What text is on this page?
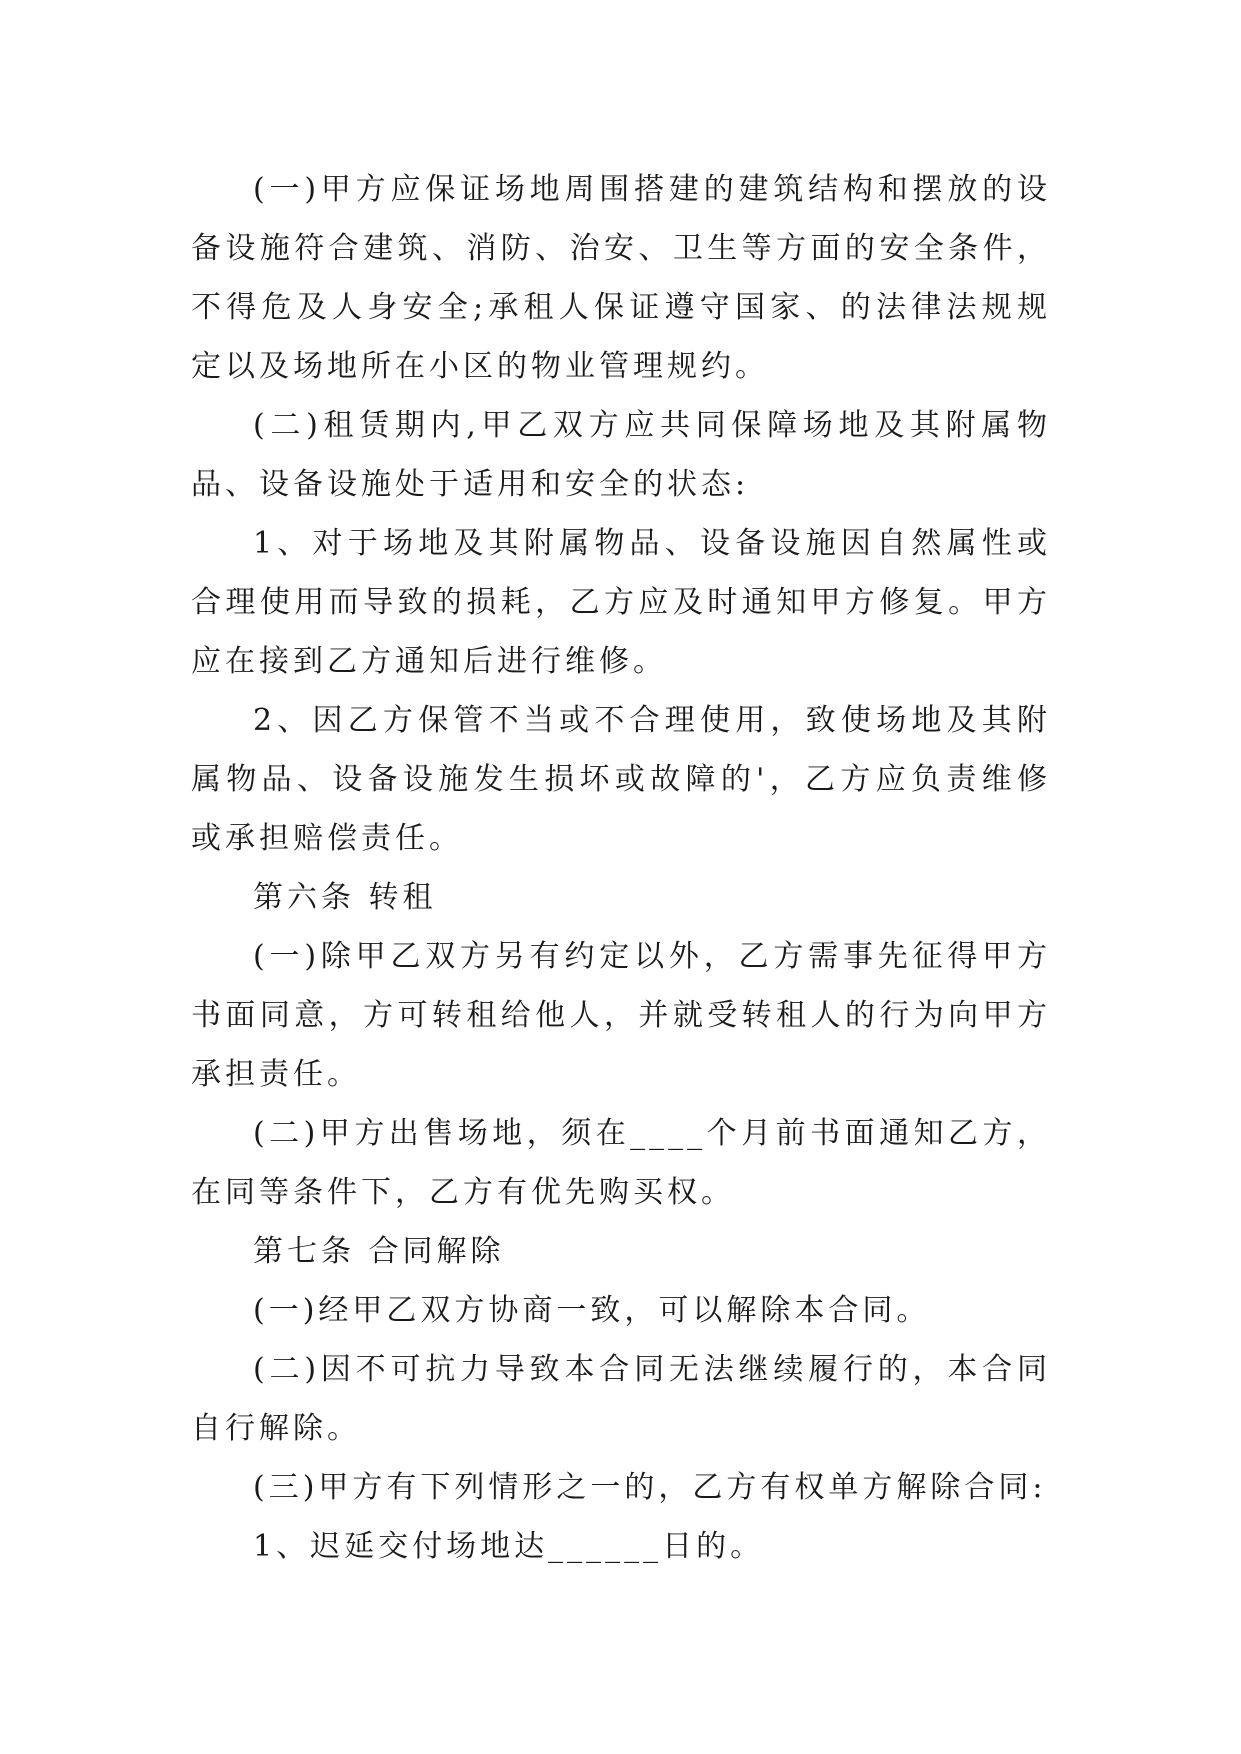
(一)甲方应保证场地周围搭建的建筑结构和摆放的设备设施符合建筑、消防、治安、卫生等方面的安全条件，不得危及人身安全;承租人保证遵守国家、的法律法规规定以及场地所在小区的物业管理规约。

(二)租赁期内,甲乙双方应共同保障场地及其附属物品、设备设施处于适用和安全的状态:

1、对于场地及其附属物品、设备设施因自然属性或合理使用而导致的损耗，乙方应及时通知甲方修复。甲方应在接到乙方通知后进行维修。

2、因乙方保管不当或不合理使用，致使场地及其附属物品、设备设施发生损坏或故障的'，乙方应负责维修或承担赔偿责任。

第六条 转租

(一)除甲乙双方另有约定以外，乙方需事先征得甲方书面同意，方可转租给他人，并就受转租人的行为向甲方承担责任。

(二)甲方出售场地，须在____个月前书面通知乙方，在同等条件下，乙方有优先购买权。

第七条 合同解除

(一)经甲乙双方协商一致，可以解除本合同。

(二)因不可抗力导致本合同无法继续履行的，本合同自行解除。

(三)甲方有下列情形之一的，乙方有权单方解除合同:

1、迟延交付场地达______日的。
